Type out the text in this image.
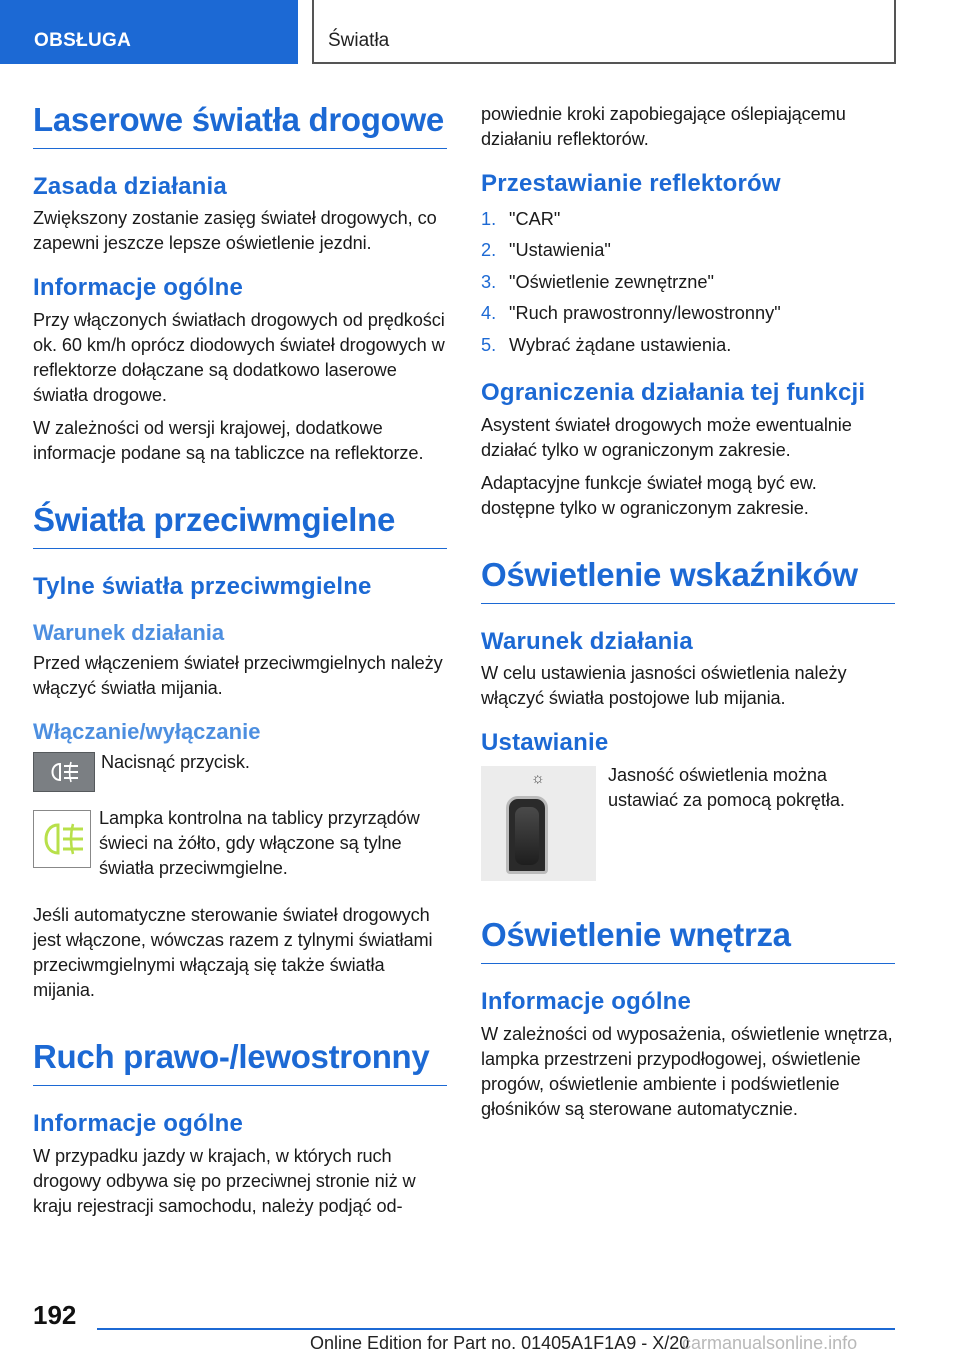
OBSŁUGA	Światła
Laserowe światła drogowe
Zasada działania

Zwiększony zostanie zasięg świateł drogowych, co zapewni jeszcze lepsze oświetlenie jezdni.

Informacje ogólne

Przy włączonych światłach drogowych od prędkości ok. 60 km/h oprócz diodowych świateł drogowych w reflektorze dołączane są dodatkowo laserowe światła drogowe.

W zależności od wersji krajowej, dodatkowe informacje podane są na tabliczce na reflektorze.

Światła przeciwmgielne
Tylne światła przeciwmgielne
Warunek działania

Przed włączeniem świateł przeciwmgielnych należy włączyć światła mijania.

Włączanie/wyłączanie

Nacisnąć przycisk.

Lampka kontrolna na tablicy przyrządów świeci na żółto, gdy włączone są tylne światła przeciwmgielne.

Jeśli automatyczne sterowanie świateł drogowych jest włączone, wówczas razem z tylnymi światłami przeciwmgielnymi włączają się także światła mijania.

Ruch prawo-/lewostronny
Informacje ogólne

W przypadku jazdy w krajach, w których ruch drogowy odbywa się po przeciwnej stronie niż w kraju rejestracji samochodu, należy podjąć od-

powiednie kroki zapobiegające oślepiającemu działaniu reflektorów.

Przestawianie reflektorów
1. "CAR"
2. "Ustawienia"
3. "Oświetlenie zewnętrzne"
4. "Ruch prawostronny/lewostronny"
5. Wybrać żądane ustawienia.
Ograniczenia działania tej funkcji

Asystent świateł drogowych może ewentualnie działać tylko w ograniczonym zakresie.

Adaptacyjne funkcje świateł mogą być ew. dostępne tylko w ograniczonym zakresie.

Oświetlenie wskaźników
Warunek działania

W celu ustawienia jasności oświetlenia należy włączyć światła postojowe lub mijania.

Ustawianie
☼	Jasność oświetlenia można ustawiać za pomocą pokrętła.

Oświetlenie wnętrza
Informacje ogólne

W zależności od wyposażenia, oświetlenie wnętrza, lampka przestrzeni przypodłogowej, oświetlenie progów, oświetlenie ambiente i podświetlenie głośników są sterowane automatycznie.

192
Online Edition for Part no. 01405A1F1A9 - X/20
carmanualsonline.info
